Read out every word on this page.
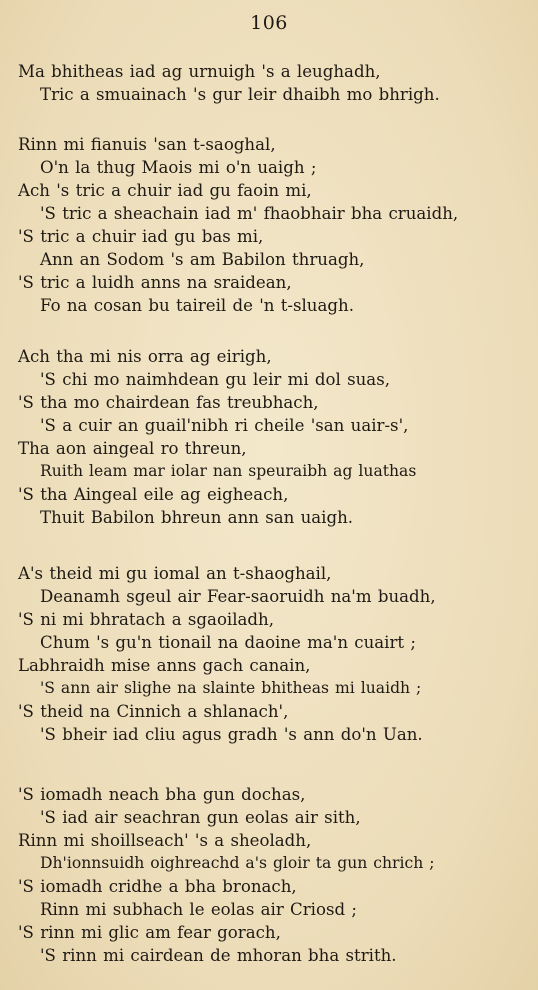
106
Ma bhitheas iad ag urnuigh 's a leughadh,
Tric a smuainach 's gur leir dhaibh mo bhrigh.
Rinn mi fianuis 'san t-saoghal,
O'n la thug Maois mi o'n uaigh ;
Ach 's tric a chuir iad gu faoin mi,
'S tric a sheachain iad m' fhaobhair bha cruaidh,
'S tric a chuir iad gu bas mi,
Ann an Sodom 's am Babilon thruagh,
'S tric a luidh anns na sraidean,
Fo na cosan bu taireil de 'n t-sluagh.
Ach tha mi nis orra ag eirigh,
'S chi mo naimhdean gu leir mi dol suas,
'S tha mo chairdean fas treubhach,
'S a cuir an guail'nibh ri cheile 'san uair-s',
Tha aon aingeal ro threun,
Ruith leam mar iolar nan speuraibh ag luathas
'S tha Aingeal eile ag eigheach,
Thuit Babilon bhreun ann san uaigh.
A's theid mi gu iomal an t-shaoghail,
Deanamh sgeul air Fear-saoruidh na'm buadh,
'S ni mi bhratach a sgaoiladh,
Chum 's gu'n tionail na daoine ma'n cuairt ;
Labhraidh mise anns gach canain,
'S ann air slighe na slainte bhitheas mi luaidh ;
'S theid na Cinnich a shlanach',
'S bheir iad cliu agus gradh 's ann do'n Uan.
'S iomadh neach bha gun dochas,
'S iad air seachran gun eolas air sith,
Rinn mi shoillseach' 's a sheoladh,
Dh'ionnsuidh oighreachd a's gloir ta gun chrich ;
'S iomadh cridhe a bha bronach,
Rinn mi subhach le eolas air Criosd ;
'S rinn mi glic am fear gorach,
'S rinn mi cairdean de mhoran bha strith.
